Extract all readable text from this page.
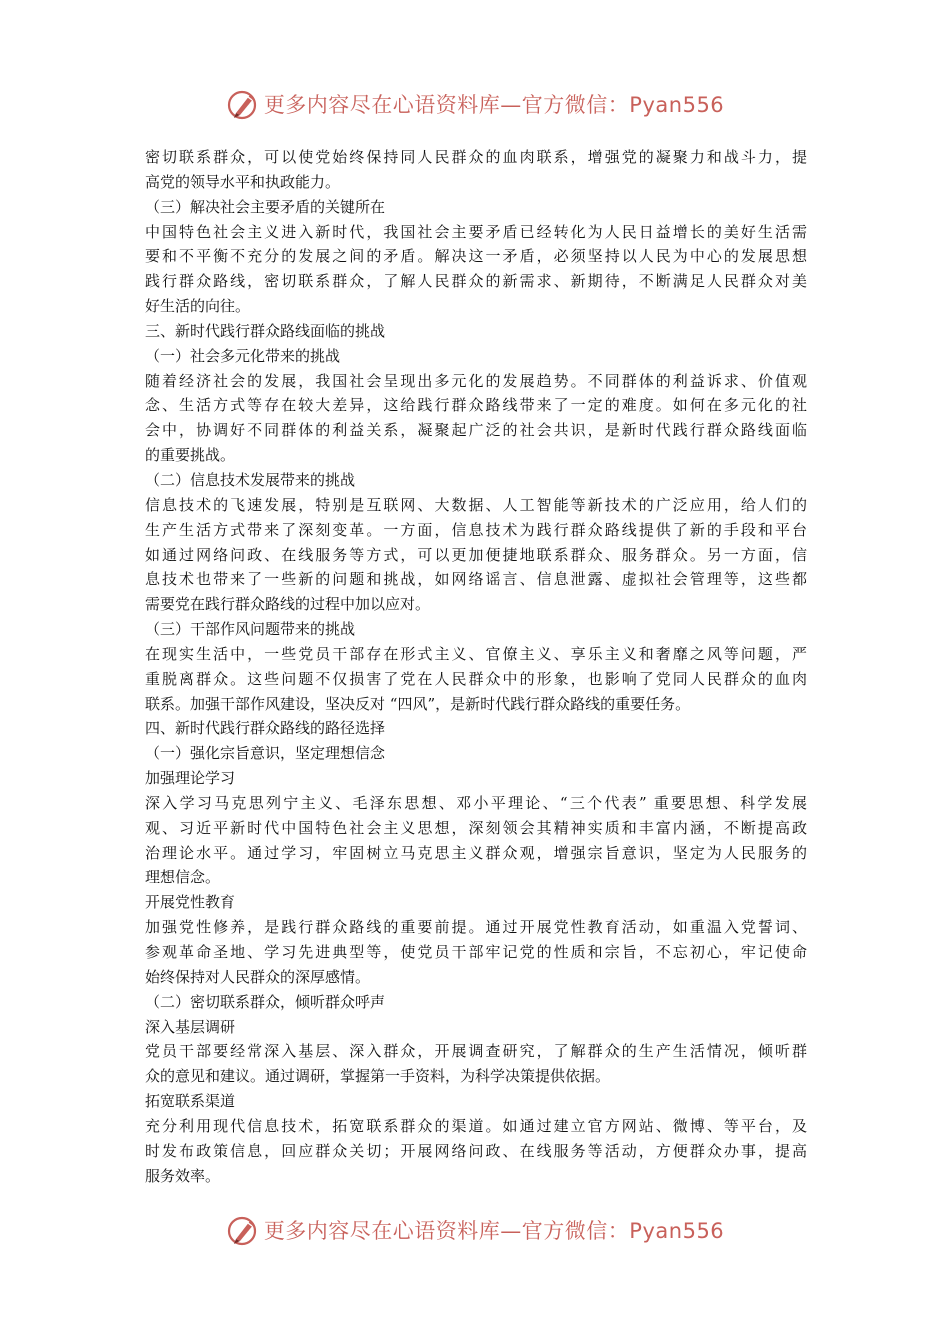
更多内容尽在心语资料库—官方微信：Pyan556
密切联系群众，可以使党始终保持同人民群众的血肉联系，增强党的凝聚力和战斗力，提
高党的领导水平和执政能力。
（三）解决社会主要矛盾的关键所在
中国特色社会主义进入新时代，我国社会主要矛盾已经转化为人民日益增长的美好生活需
要和不平衡不充分的发展之间的矛盾。解决这一矛盾，必须坚持以人民为中心的发展思想
践行群众路线，密切联系群众，了解人民群众的新需求、新期待，不断满足人民群众对美
好生活的向往。
三、新时代践行群众路线面临的挑战
（一）社会多元化带来的挑战
随着经济社会的发展，我国社会呈现出多元化的发展趋势。不同群体的利益诉求、价值观
念、生活方式等存在较大差异，这给践行群众路线带来了一定的难度。如何在多元化的社
会中，协调好不同群体的利益关系，凝聚起广泛的社会共识，是新时代践行群众路线面临
的重要挑战。
（二）信息技术发展带来的挑战
信息技术的飞速发展，特别是互联网、大数据、人工智能等新技术的广泛应用，给人们的
生产生活方式带来了深刻变革。一方面，信息技术为践行群众路线提供了新的手段和平台
如通过网络问政、在线服务等方式，可以更加便捷地联系群众、服务群众。另一方面，信
息技术也带来了一些新的问题和挑战，如网络谣言、信息泄露、虚拟社会管理等，这些都
需要党在践行群众路线的过程中加以应对。
（三）干部作风问题带来的挑战
在现实生活中，一些党员干部存在形式主义、官僚主义、享乐主义和奢靡之风等问题，严
重脱离群众。这些问题不仅损害了党在人民群众中的形象，也影响了党同人民群众的血肉
联系。加强干部作风建设，坚决反对 “四风”，是新时代践行群众路线的重要任务。
四、新时代践行群众路线的路径选择
（一）强化宗旨意识，坚定理想信念
加强理论学习
深入学习马克思列宁主义、毛泽东思想、邓小平理论、“三个代表” 重要思想、科学发展
观、习近平新时代中国特色社会主义思想，深刻领会其精神实质和丰富内涵，不断提高政
治理论水平。通过学习，牢固树立马克思主义群众观，增强宗旨意识，坚定为人民服务的
理想信念。
开展党性教育
加强党性修养，是践行群众路线的重要前提。通过开展党性教育活动，如重温入党誓词、
参观革命圣地、学习先进典型等，使党员干部牢记党的性质和宗旨，不忘初心，牢记使命
始终保持对人民群众的深厚感情。
（二）密切联系群众，倾听群众呼声
深入基层调研
党员干部要经常深入基层、深入群众，开展调查研究，了解群众的生产生活情况，倾听群
众的意见和建议。通过调研，掌握第一手资料，为科学决策提供依据。
拓宽联系渠道
充分利用现代信息技术，拓宽联系群众的渠道。如通过建立官方网站、微博、等平台，及
时发布政策信息，回应群众关切；开展网络问政、在线服务等活动，方便群众办事，提高
服务效率。
更多内容尽在心语资料库—官方微信：Pyan556
